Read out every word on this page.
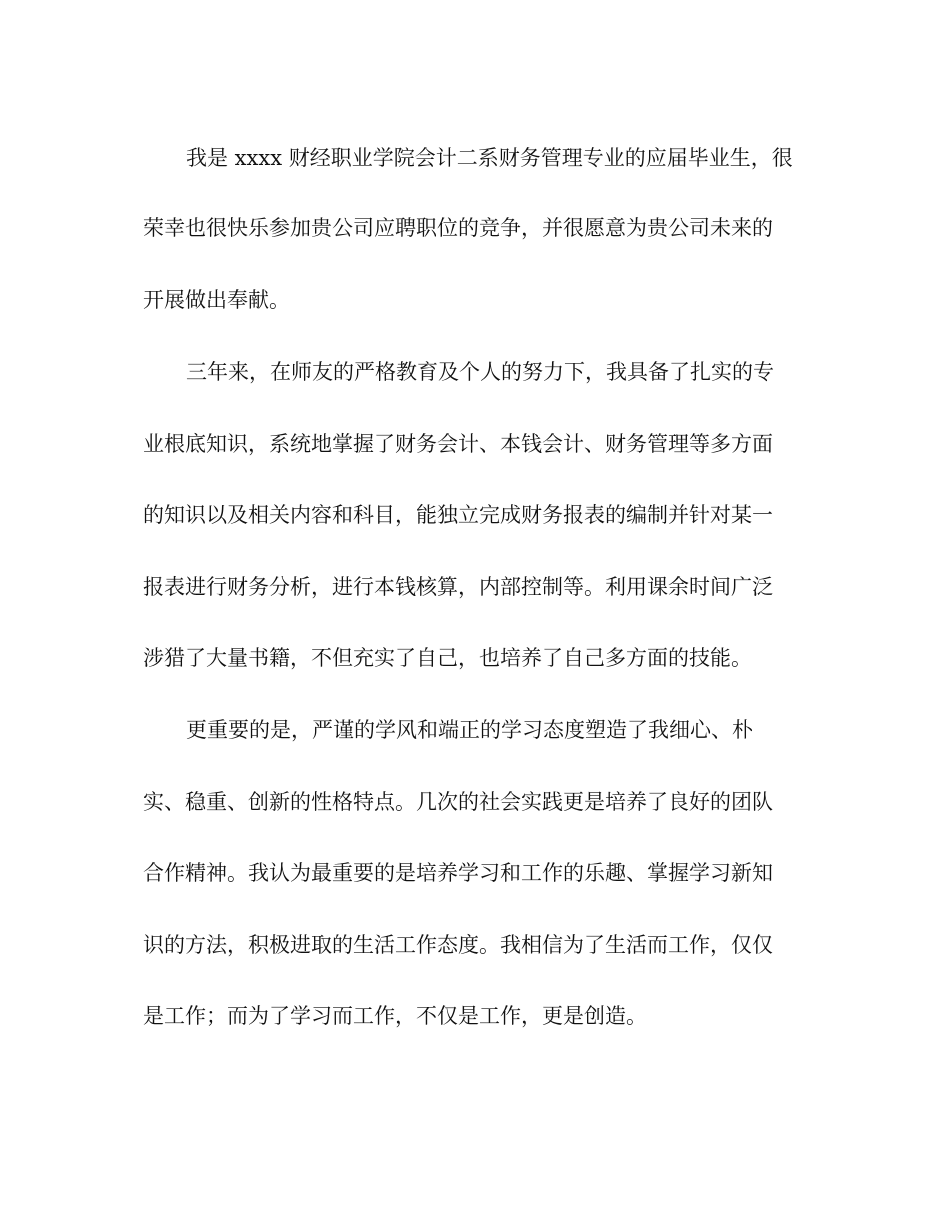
我是 xxxx 财经职业学院会计二系财务管理专业的应届毕业生，很

荣幸也很快乐参加贵公司应聘职位的竞争，并很愿意为贵公司未来的

开展做出奉献。

三年来，在师友的严格教育及个人的努力下，我具备了扎实的专

业根底知识，系统地掌握了财务会计、本钱会计、财务管理等多方面

的知识以及相关内容和科目，能独立完成财务报表的编制并针对某一

报表进行财务分析，进行本钱核算，内部控制等。利用课余时间广泛

涉猎了大量书籍，不但充实了自己，也培养了自己多方面的技能。

更重要的是，严谨的学风和端正的学习态度塑造了我细心、朴

实、稳重、创新的性格特点。几次的社会实践更是培养了良好的团队

合作精神。我认为最重要的是培养学习和工作的乐趣、掌握学习新知

识的方法，积极进取的生活工作态度。我相信为了生活而工作，仅仅

是工作；而为了学习而工作，不仅是工作，更是创造。
